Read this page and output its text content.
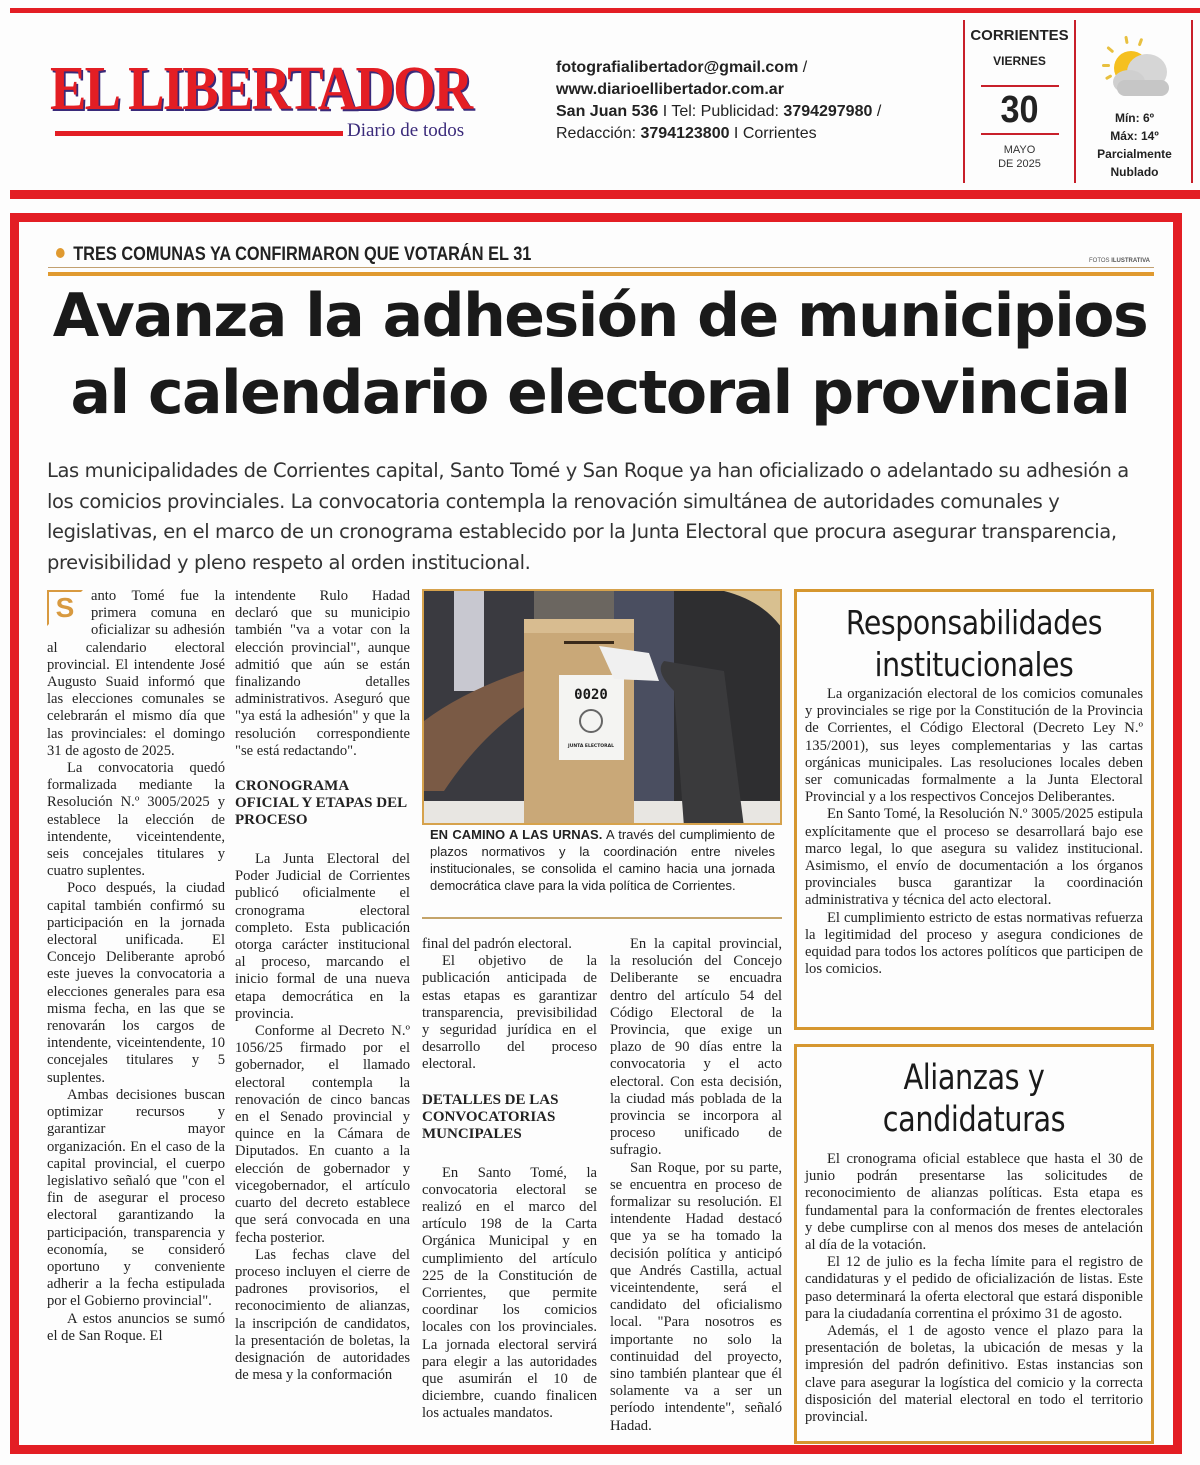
EL LIBERTADOR
Diario de todos
fotografialibertador@gmail.com /
www.diarioellibertador.com.ar
San Juan 536 I Tel: Publicidad: 3794297980 /
Redacción: 3794123800 I Corrientes
CORRIENTES
VIERNES
30
MAYO
DE 2025
Mín: 6º
Máx: 14º
Parcialmente
Nublado
TRES COMUNAS YA CONFIRMARON QUE VOTARÁN EL 31	FOTOS ILUSTRATIVA
Avanza la adhesión de municipios
al calendario electoral provincial
Las municipalidades de Corrientes capital, Santo Tomé y San Roque ya han oficializado o adelantado su adhesión a los comicios provinciales. La convocatoria contempla la renovación simultánea de autoridades comunales y legislativas, en el marco de un cronograma establecido por la Junta Electoral que procura asegurar transparencia, previsibilidad y pleno respeto al orden institucional.

S	anto Tomé fue la primera comuna en oficializar su adhesión al calendario electoral provincial. El intendente José Augusto Suaid informó que las elecciones comunales se celebrarán el mismo día que las provinciales: el domingo 31 de agosto de 2025.

La convocatoria quedó formalizada mediante la Resolución N.º 3005/2025 y establece la elección de intendente, viceintendente, seis concejales titulares y cuatro suplentes.

Poco después, la ciudad capital también confirmó su participación en la jornada electoral unificada. El Concejo Deliberante aprobó este jueves la convocatoria a elecciones generales para esa misma fecha, en las que se renovarán los cargos de intendente, viceintendente, 10 concejales titulares y 5 suplentes.

Ambas decisiones buscan optimizar recursos y garantizar mayor organización. En el caso de la capital provincial, el cuerpo legislativo señaló que "con el fin de asegurar el proceso electoral garantizando la participación, transparencia y economía, se consideró oportuno y conveniente adherir a la fecha estipulada por el Gobierno provincial".

A estos anuncios se sumó el de San Roque. El

intendente Rulo Hadad declaró que su municipio también "va a votar con la elección provincial", aunque admitió que aún se están finalizando detalles administrativos. Aseguró que "ya está la adhesión" y que la resolución correspondiente "se está redactando".

CRONOGRAMA OFICIAL Y ETAPAS DEL PROCESO

La Junta Electoral del Poder Judicial de Corrientes publicó oficialmente el cronograma electoral completo. Esta publicación otorga carácter institucional al proceso, marcando el inicio formal de una nueva etapa democrática en la provincia.

Conforme al Decreto N.º 1056/25 firmado por el gobernador, el llamado electoral contempla la renovación de cinco bancas en el Senado provincial y quince en la Cámara de Diputados. En cuanto a la elección de gobernador y vicegobernador, el artículo cuarto del decreto establece que será convocada en una fecha posterior.

Las fechas clave del proceso incluyen el cierre de padrones provisorios, el reconocimiento de alianzas, la inscripción de candidatos, la presentación de boletas, la designación de autoridades de mesa y la conformación

0020
JUNTA ELECTORAL
EN CAMINO A LAS URNAS. A través del cumplimiento de plazos normativos y la coordinación entre niveles institucionales, se consolida el camino hacia una jornada democrática clave para la vida política de Corrientes.

final del padrón electoral.

El objetivo de la publicación anticipada de estas etapas es garantizar transparencia, previsibilidad y seguridad jurídica en el desarrollo del proceso electoral.

DETALLES DE LAS CONVOCATORIAS MUNCIPALES

En Santo Tomé, la convocatoria electoral se realizó en el marco del artículo 198 de la Carta Orgánica Municipal y en cumplimiento del artículo 225 de la Constitución de Corrientes, que permite coordinar los comicios locales con los provinciales. La jornada electoral servirá para elegir a las autoridades que asumirán el 10 de diciembre, cuando finalicen los actuales mandatos.

En la capital provincial, la resolución del Concejo Deliberante se encuadra dentro del artículo 54 del Código Electoral de la Provincia, que exige un plazo de 90 días entre la convocatoria y el acto electoral. Con esta decisión, la ciudad más poblada de la provincia se incorpora al proceso unificado de sufragio.

San Roque, por su parte, se encuentra en proceso de formalizar su resolución. El intendente Hadad destacó que ya se ha tomado la decisión política y anticipó que Andrés Castilla, actual viceintendente, será el candidato del oficialismo local. "Para nosotros es importante no solo la continuidad del proyecto, sino también plantear que él solamente va a ser un período intendente", señaló Hadad.

Responsabilidades
institucionales

La organización electoral de los comicios comunales y provinciales se rige por la Constitución de la Provincia de Corrientes, el Código Electoral (Decreto Ley N.º 135/2001), sus leyes complementarias y las cartas orgánicas municipales. Las resoluciones locales deben ser comunicadas formalmente a la Junta Electoral Provincial y a los respectivos Concejos Deliberantes.

En Santo Tomé, la Resolución N.º 3005/2025 estipula explícitamente que el proceso se desarrollará bajo ese marco legal, lo que asegura su validez institucional. Asimismo, el envío de documentación a los órganos provinciales busca garantizar la coordinación administrativa y técnica del acto electoral.

El cumplimiento estricto de estas normativas refuerza la legitimidad del proceso y asegura condiciones de equidad para todos los actores políticos que participen de los comicios.

Alianzas y candidaturas

El cronograma oficial establece que hasta el 30 de junio podrán presentarse las solicitudes de reconocimiento de alianzas políticas. Esta etapa es fundamental para la conformación de frentes electorales y debe cumplirse con al menos dos meses de antelación al día de la votación.

El 12 de julio es la fecha límite para el registro de candidaturas y el pedido de oficialización de listas. Este paso determinará la oferta electoral que estará disponible para la ciudadanía correntina el próximo 31 de agosto.

Además, el 1 de agosto vence el plazo para la presentación de boletas, la ubicación de mesas y la impresión del padrón definitivo. Estas instancias son clave para asegurar la logística del comicio y la correcta disposición del material electoral en todo el territorio provincial.
